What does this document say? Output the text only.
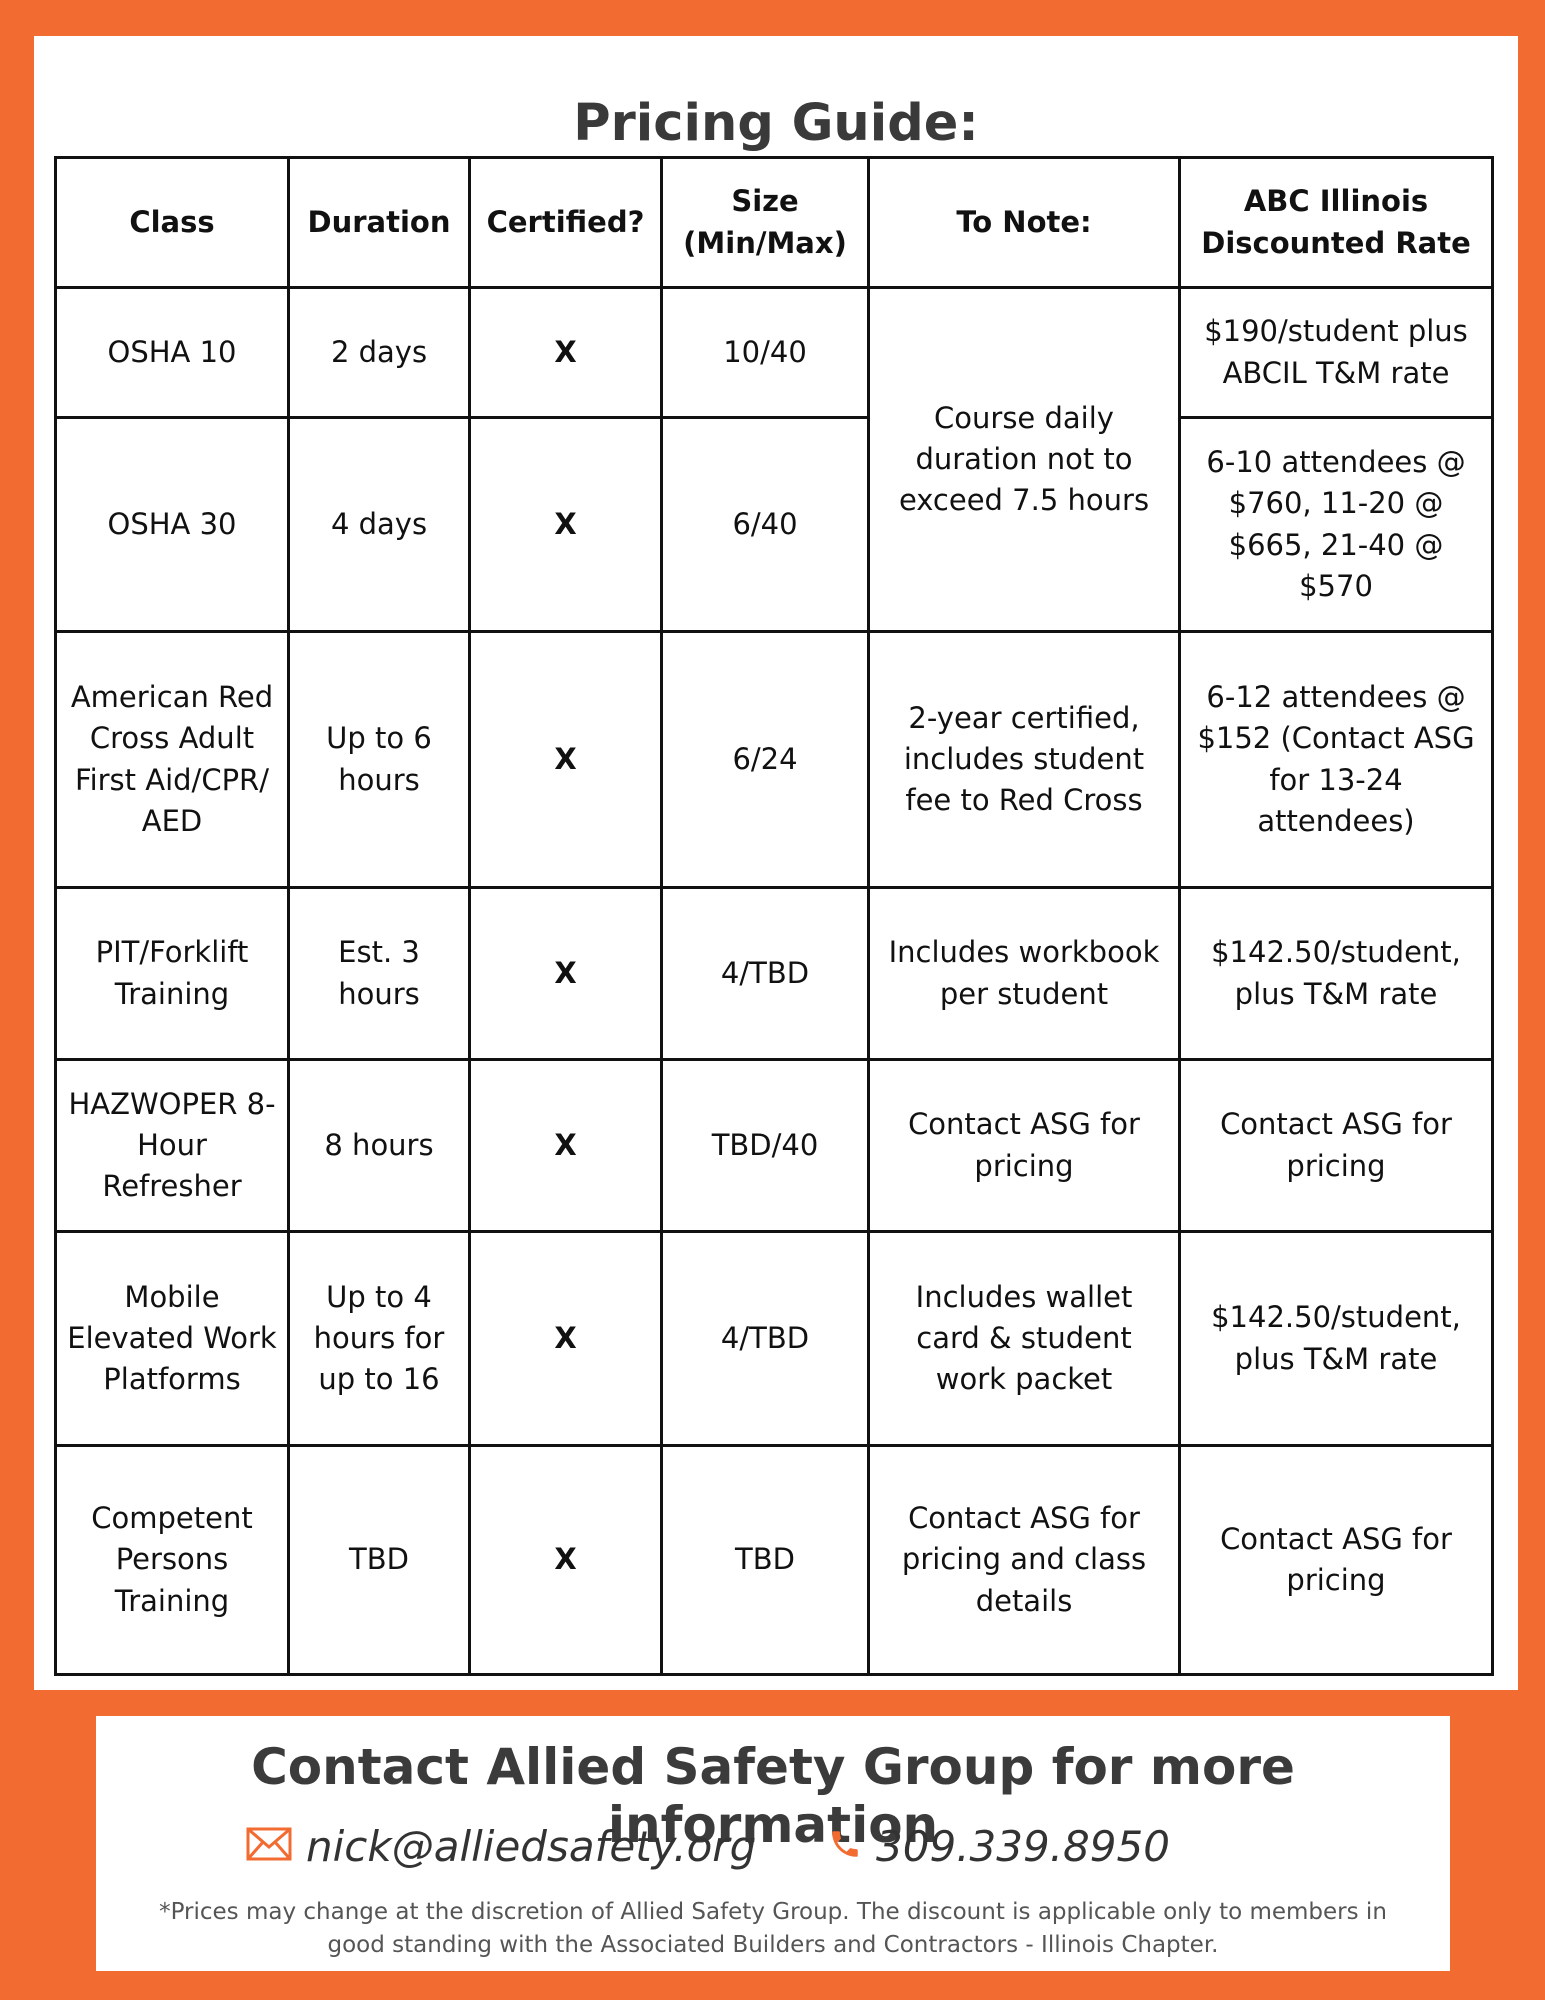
Pricing Guide:
Class	Duration	Certified?	Size (Min/Max)	To Note:	ABC Illinois Discounted Rate
OSHA 10	2 days	X	10/40	Course daily duration not to exceed 7.5 hours	$190/student plus ABCIL T&M rate
OSHA 30	4 days	X	6/40		6-10 attendees @ $760, 11-20 @ $665, 21-40 @ $570
American Red Cross Adult First Aid/CPR/ AED	Up to 6 hours	X	6/24	2-year certified, includes student fee to Red Cross	6-12 attendees @ $152 (Contact ASG for 13-24 attendees)
PIT/Forklift Training	Est. 3 hours	X	4/TBD	Includes workbook per student	$142.50/student, plus T&M rate
HAZWOPER 8-Hour Refresher	8 hours	X	TBD/40	Contact ASG for pricing	Contact ASG for pricing
Mobile Elevated Work Platforms	Up to 4 hours for up to 16	X	4/TBD	Includes wallet card & student work packet	$142.50/student, plus T&M rate
Competent Persons Training	TBD	X	TBD	Contact ASG for pricing and class details	Contact ASG for pricing
Contact Allied Safety Group for more information
nick@alliedsafety.org	309.339.8950
*Prices may change at the discretion of Allied Safety Group. The discount is applicable only to members in good standing with the Associated Builders and Contractors - Illinois Chapter.
